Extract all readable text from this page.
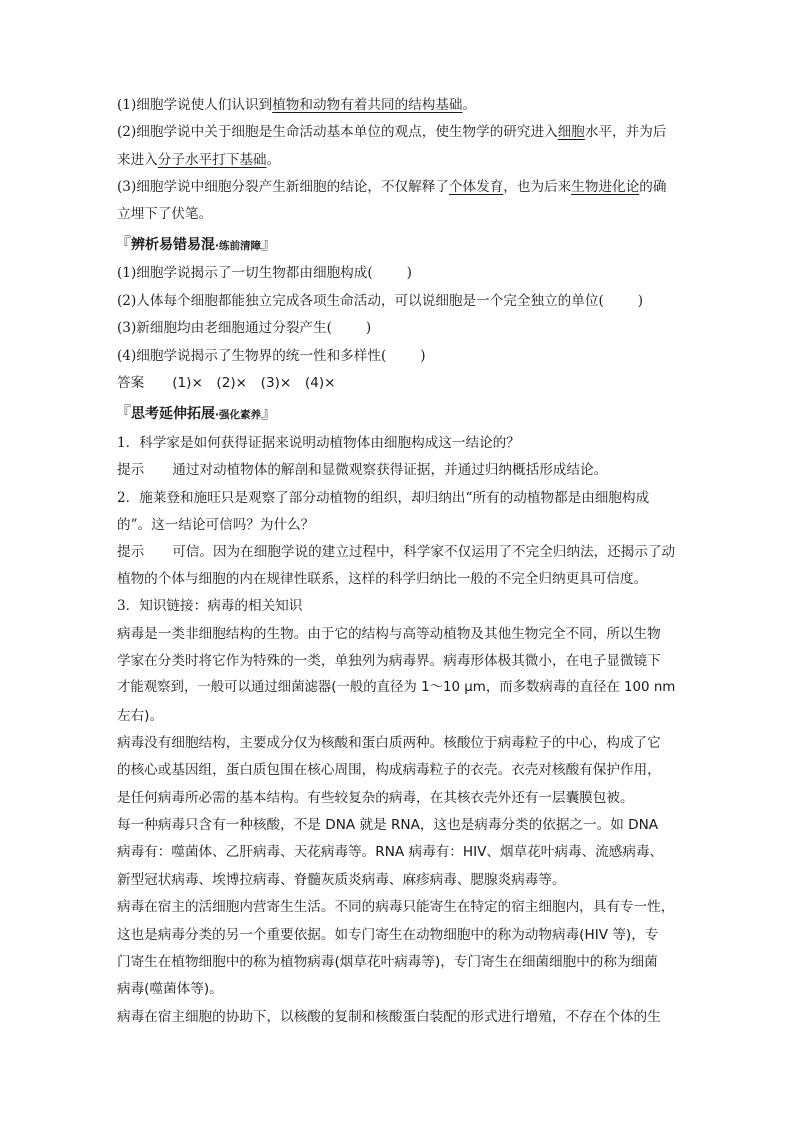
(1)细胞学说使人们认识到植物和动物有着共同的结构基础。
(2)细胞学说中关于细胞是生命活动基本单位的观点，使生物学的研究进入细胞水平，并为后
来进入分子水平打下基础。
(3)细胞学说中细胞分裂产生新细胞的结论，不仅解释了个体发育，也为后来生物进化论的确
立埋下了伏笔。
『辨析易错易混·练前清障』
(1)细胞学说揭示了一切生物都由细胞构成(	)
(2)人体每个细胞都能独立完成各项生命活动，可以说细胞是一个完全独立的单位(	)
(3)新细胞均由老细胞通过分裂产生(	)
(4)细胞学说揭示了生物界的统一性和多样性(	)
答案 (1)×　(2)×　(3)×　(4)×
『思考延伸拓展·强化素养』
1．科学家是如何获得证据来说明动植物体由细胞构成这一结论的？
提示 通过对动植物体的解剖和显微观察获得证据，并通过归纳概括形成结论。
2．施莱登和施旺只是观察了部分动植物的组织，却归纳出“所有的动植物都是由细胞构成
的”。这一结论可信吗？为什么？
提示 可信。因为在细胞学说的建立过程中，科学家不仅运用了不完全归纳法，还揭示了动
植物的个体与细胞的内在规律性联系，这样的科学归纳比一般的不完全归纳更具可信度。
3．知识链接：病毒的相关知识
病毒是一类非细胞结构的生物。由于它的结构与高等动植物及其他生物完全不同，所以生物
学家在分类时将它作为特殊的一类，单独列为病毒界。病毒形体极其微小，在电子显微镜下
才能观察到，一般可以通过细菌滤器(一般的直径为 1～10 μm，而多数病毒的直径在 100 nm
左右)。
病毒没有细胞结构，主要成分仅为核酸和蛋白质两种。核酸位于病毒粒子的中心，构成了它
的核心或基因组，蛋白质包围在核心周围，构成病毒粒子的衣壳。衣壳对核酸有保护作用，
是任何病毒所必需的基本结构。有些较复杂的病毒，在其核衣壳外还有一层囊膜包被。
每一种病毒只含有一种核酸，不是 DNA 就是 RNA，这也是病毒分类的依据之一。如 DNA
病毒有：噬菌体、乙肝病毒、天花病毒等。RNA 病毒有：HIV、烟草花叶病毒、流感病毒、
新型冠状病毒、埃博拉病毒、脊髓灰质炎病毒、麻疹病毒、腮腺炎病毒等。
病毒在宿主的活细胞内营寄生生活。不同的病毒只能寄生在特定的宿主细胞内，具有专一性，
这也是病毒分类的另一个重要依据。如专门寄生在动物细胞中的称为动物病毒(HIV 等)，专
门寄生在植物细胞中的称为植物病毒(烟草花叶病毒等)，专门寄生在细菌细胞中的称为细菌
病毒(噬菌体等)。
病毒在宿主细胞的协助下，以核酸的复制和核酸蛋白装配的形式进行增殖，不存在个体的生
